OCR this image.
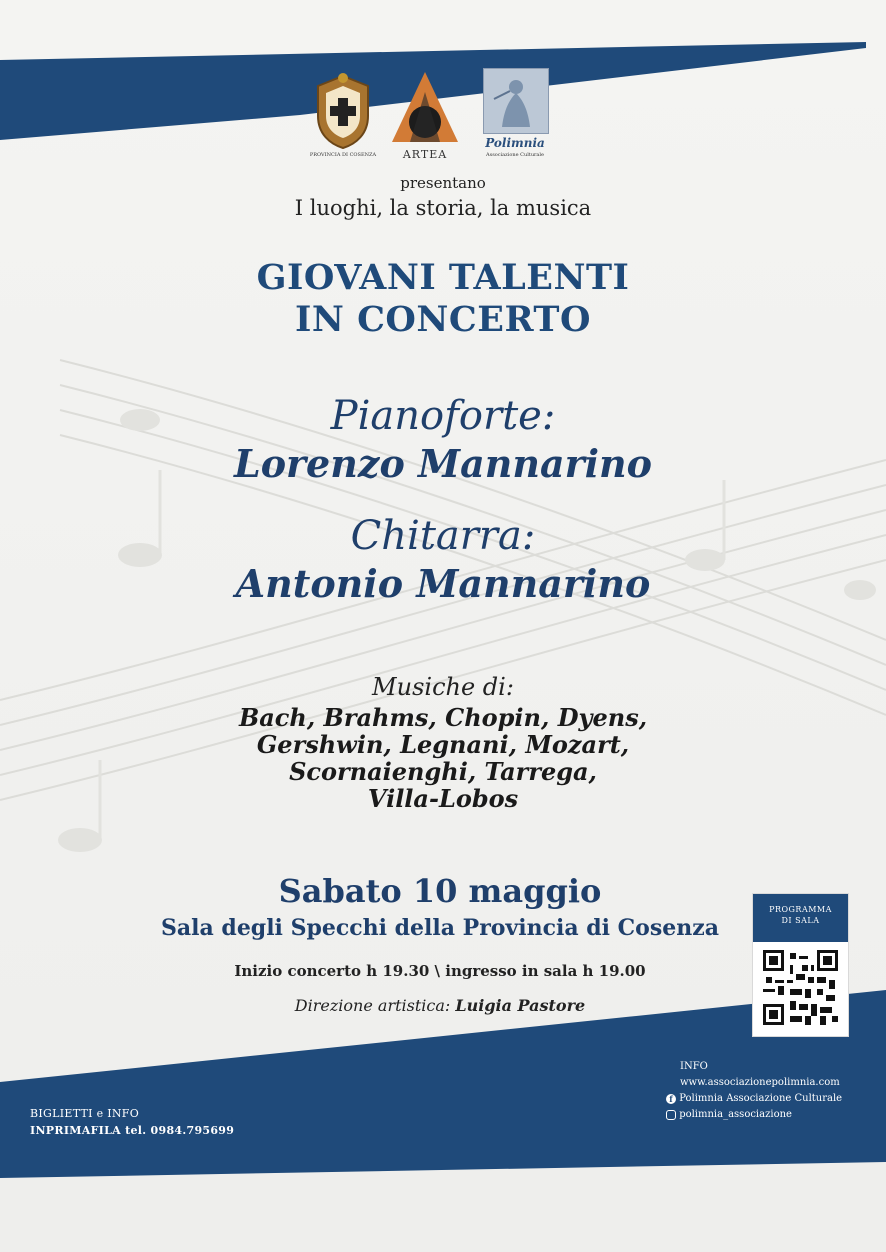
PROVINCIA DI COSENZA	ARTEA
Polimnia
Associazione Culturale
presentano
I luoghi, la storia, la musica
GIOVANI TALENTI
IN CONCERTO
Pianoforte:
Lorenzo Mannarino
Chitarra:
Antonio Mannarino
Musiche di:
Bach, Brahms, Chopin, Dyens,
Gershwin, Legnani, Mozart,
Scornaienghi, Tarrega,
Villa-Lobos
Sabato 10 maggio
Sala degli Specchi della Provincia di Cosenza
Inizio concerto h 19.30 \ ingresso in sala h 19.00
Direzione artistica: Luigia Pastore
PROGRAMMA
DI SALA
BIGLIETTI e INFO
INPRIMAFILA tel. 0984.795699
INFO
www.associazionepolimnia.com
f Polimnia Associazione Culturale
polimnia_associazione
